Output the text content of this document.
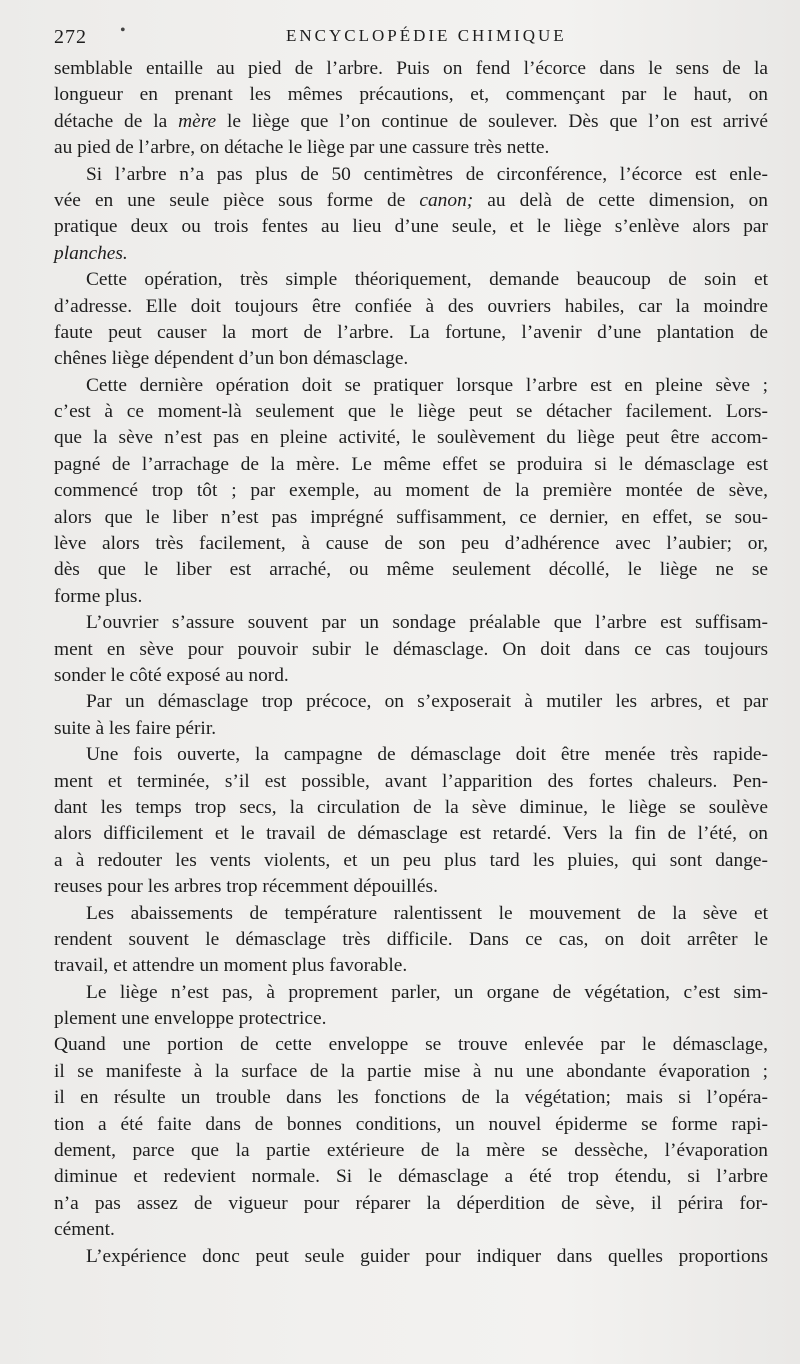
272 •	ENCYCLOPÉDIE CHIMIQUE
semblable entaille au pied de l’arbre. Puis on fend l’écorce dans le sens de la
longueur en prenant les mêmes précautions, et, commençant par le haut, on
détache de la mère le liège que l’on continue de soulever. Dès que l’on est arrivé
au pied de l’arbre, on détache le liège par une cassure très nette.
Si l’arbre n’a pas plus de 50 centimètres de circonférence, l’écorce est enle-
vée en une seule pièce sous forme de canon; au delà de cette dimension, on
pratique deux ou trois fentes au lieu d’une seule, et le liège s’enlève alors par
planches.
Cette opération, très simple théoriquement, demande beaucoup de soin et
d’adresse. Elle doit toujours être confiée à des ouvriers habiles, car la moindre
faute peut causer la mort de l’arbre. La fortune, l’avenir d’une plantation de
chênes liège dépendent d’un bon démasclage.
Cette dernière opération doit se pratiquer lorsque l’arbre est en pleine sève ;
c’est à ce moment-là seulement que le liège peut se détacher facilement. Lors-
que la sève n’est pas en pleine activité, le soulèvement du liège peut être accom-
pagné de l’arrachage de la mère. Le même effet se produira si le démasclage est
commencé trop tôt ; par exemple, au moment de la première montée de sève,
alors que le liber n’est pas imprégné suffisamment, ce dernier, en effet, se sou-
lève alors très facilement, à cause de son peu d’adhérence avec l’aubier; or,
dès que le liber est arraché, ou même seulement décollé, le liège ne se
forme plus.
L’ouvrier s’assure souvent par un sondage préalable que l’arbre est suffisam-
ment en sève pour pouvoir subir le démasclage. On doit dans ce cas toujours
sonder le côté exposé au nord.
Par un démasclage trop précoce, on s’exposerait à mutiler les arbres, et par
suite à les faire périr.
Une fois ouverte, la campagne de démasclage doit être menée très rapide-
ment et terminée, s’il est possible, avant l’apparition des fortes chaleurs. Pen-
dant les temps trop secs, la circulation de la sève diminue, le liège se soulève
alors difficilement et le travail de démasclage est retardé. Vers la fin de l’été, on
a à redouter les vents violents, et un peu plus tard les pluies, qui sont dange-
reuses pour les arbres trop récemment dépouillés.
Les abaissements de température ralentissent le mouvement de la sève et
rendent souvent le démasclage très difficile. Dans ce cas, on doit arrêter le
travail, et attendre un moment plus favorable.
Le liège n’est pas, à proprement parler, un organe de végétation, c’est sim-
plement une enveloppe protectrice.
Quand une portion de cette enveloppe se trouve enlevée par le démasclage,
il se manifeste à la surface de la partie mise à nu une abondante évaporation ;
il en résulte un trouble dans les fonctions de la végétation; mais si l’opéra-
tion a été faite dans de bonnes conditions, un nouvel épiderme se forme rapi-
dement, parce que la partie extérieure de la mère se dessèche, l’évaporation
diminue et redevient normale. Si le démasclage a été trop étendu, si l’arbre
n’a pas assez de vigueur pour réparer la déperdition de sève, il périra for-
cément.
L’expérience donc peut seule guider pour indiquer dans quelles proportions
